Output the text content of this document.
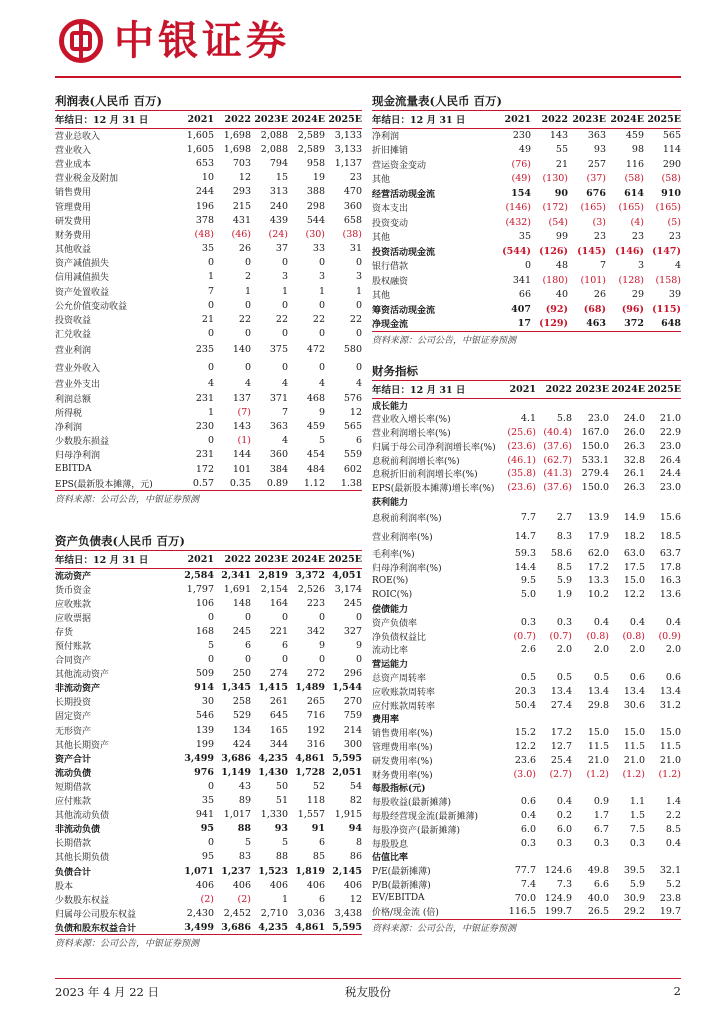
中银证券
利润表(人民币 百万)
年结日：12 月 31 日	2021	2022	2023E	2024E	2025E
营业总收入	1,605	1,698	2,088	2,589	3,133
营业收入	1,605	1,698	2,088	2,589	3,133
营业成本	653	703	794	958	1,137
营业税金及附加	10	12	15	19	23
销售费用	244	293	313	388	470
管理费用	196	215	240	298	360
研发费用	378	431	439	544	658
财务费用	(48)	(46)	(24)	(30)	(38)
其他收益	35	26	37	33	31
资产减值损失	0	0	0	0	0
信用减值损失	1	2	3	3	3
资产处置收益	7	1	1	1	1
公允价值变动收益	0	0	0	0	0
投资收益	21	22	22	22	22
汇兑收益	0	0	0	0	0
营业利润	235	140	375	472	580
营业外收入	0	0	0	0	0
营业外支出	4	4	4	4	4
利润总额	231	137	371	468	576
所得税	1	(7)	7	9	12
净利润	230	143	363	459	565
少数股东损益	0	(1)	4	5	6
归母净利润	231	144	360	454	559
EBITDA	172	101	384	484	602
EPS(最新股本摊薄，元)	0.57	0.35	0.89	1.12	1.38
资料来源：公司公告，中银证券预测
资产负债表(人民币 百万)
年结日：12 月 31 日	2021	2022	2023E	2024E	2025E
流动资产	2,584	2,341	2,819	3,372	4,051
货币资金	1,797	1,691	2,154	2,526	3,174
应收账款	106	148	164	223	245
应收票据	0	0	0	0	0
存货	168	245	221	342	327
预付账款	5	6	6	9	9
合同资产	0	0	0	0	0
其他流动资产	509	250	274	272	296
非流动资产	914	1,345	1,415	1,489	1,544
长期投资	30	258	261	265	270
固定资产	546	529	645	716	759
无形资产	139	134	165	192	214
其他长期资产	199	424	344	316	300
资产合计	3,499	3,686	4,235	4,861	5,595
流动负债	976	1,149	1,430	1,728	2,051
短期借款	0	43	50	52	54
应付账款	35	89	51	118	82
其他流动负债	941	1,017	1,330	1,557	1,915
非流动负债	95	88	93	91	94
长期借款	0	5	5	6	8
其他长期负债	95	83	88	85	86
负债合计	1,071	1,237	1,523	1,819	2,145
股本	406	406	406	406	406
少数股东权益	(2)	(2)	1	6	12
归属母公司股东权益	2,430	2,452	2,710	3,036	3,438
负债和股东权益合计	3,499	3,686	4,235	4,861	5,595
资料来源：公司公告，中银证券预测
现金流量表(人民币 百万)
年结日：12 月 31 日	2021	2022	2023E	2024E	2025E
净利润	230	143	363	459	565
折旧摊销	49	55	93	98	114
营运资金变动	(76)	21	257	116	290
其他	(49)	(130)	(37)	(58)	(58)
经营活动现金流	154	90	676	614	910
资本支出	(146)	(172)	(165)	(165)	(165)
投资变动	(432)	(54)	(3)	(4)	(5)
其他	35	99	23	23	23
投资活动现金流	(544)	(126)	(145)	(146)	(147)
银行借款	0	48	7	3	4
股权融资	341	(180)	(101)	(128)	(158)
其他	66	40	26	29	39
筹资活动现金流	407	(92)	(68)	(96)	(115)
净现金流	17	(129)	463	372	648
资料来源：公司公告，中银证券预测
财务指标
年结日：12 月 31 日	2021	2022	2023E	2024E	2025E
成长能力					
营业收入增长率(%)	4.1	5.8	23.0	24.0	21.0
营业利润增长率(%)	(25.6)	(40.4)	167.0	26.0	22.9
归属于母公司净利润增长率(%)	(23.6)	(37.6)	150.0	26.3	23.0
息税前利润增长率(%)	(46.1)	(62.7)	533.1	32.8	26.4
息税折旧前利润增长率(%)	(35.8)	(41.3)	279.4	26.1	24.4
EPS(最新股本摊薄)增长率(%)	(23.6)	(37.6)	150.0	26.3	23.0
获利能力					
息税前利润率(%)	7.7	2.7	13.9	14.9	15.6
营业利润率(%)	14.7	8.3	17.9	18.2	18.5
毛利率(%)	59.3	58.6	62.0	63.0	63.7
归母净利润率(%)	14.4	8.5	17.2	17.5	17.8
ROE(%)	9.5	5.9	13.3	15.0	16.3
ROIC(%)	5.0	1.9	10.2	12.2	13.6
偿债能力					
资产负债率	0.3	0.3	0.4	0.4	0.4
净负债权益比	(0.7)	(0.7)	(0.8)	(0.8)	(0.9)
流动比率	2.6	2.0	2.0	2.0	2.0
营运能力					
总资产周转率	0.5	0.5	0.5	0.6	0.6
应收账款周转率	20.3	13.4	13.4	13.4	13.4
应付账款周转率	50.4	27.4	29.8	30.6	31.2
费用率					
销售费用率(%)	15.2	17.2	15.0	15.0	15.0
管理费用率(%)	12.2	12.7	11.5	11.5	11.5
研发费用率(%)	23.6	25.4	21.0	21.0	21.0
财务费用率(%)	(3.0)	(2.7)	(1.2)	(1.2)	(1.2)
每股指标(元)					
每股收益(最新摊薄)	0.6	0.4	0.9	1.1	1.4
每股经营现金流(最新摊薄)	0.4	0.2	1.7	1.5	2.2
每股净资产(最新摊薄)	6.0	6.0	6.7	7.5	8.5
每股股息	0.3	0.3	0.3	0.3	0.4
估值比率					
P/E(最新摊薄)	77.7	124.6	49.8	39.5	32.1
P/B(最新摊薄)	7.4	7.3	6.6	5.9	5.2
EV/EBITDA	70.0	124.9	40.0	30.9	23.8
价格/现金流 (倍)	116.5	199.7	26.5	29.2	19.7
资料来源：公司公告，中银证券预测
2023 年 4 月 22 日	税友股份	2
